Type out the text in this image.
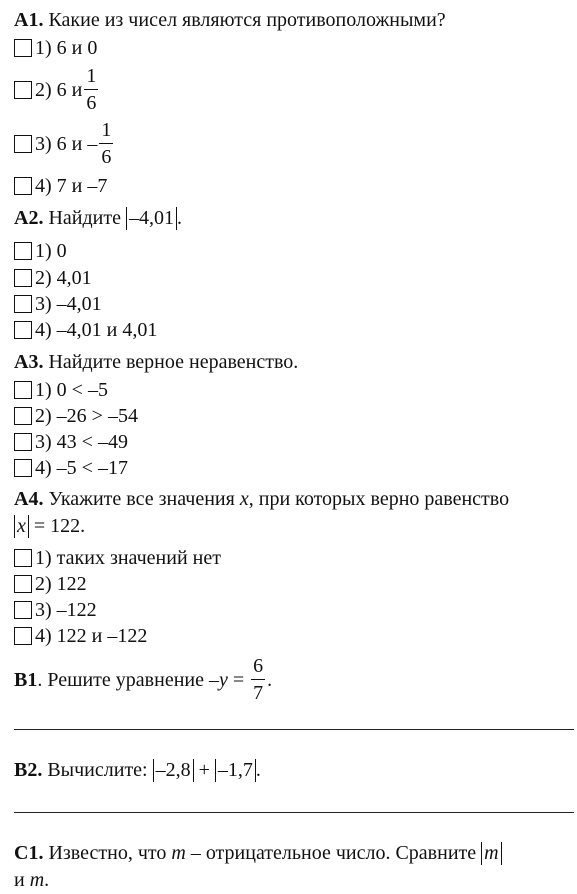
А1. Какие из чисел являются противоположными?
1) 6 и 0
2) 6 и $\frac{1}{6}$
3) 6 и – $\frac{1}{6}$
4) 7 и –7
А2. Найдите –4,01 .
1) 0
2) 4,01
3) –4,01
4) –4,01 и 4,01
А3. Найдите верное неравенство.
1) 0 < –5
2) –26 > –54
3) 43 < –49
4) –5 < –17
А4. Укажите все значения x, при которых верно равенство
x = 122.
1) таких значений нет
2) 122
3) –122
4) 122 и –122
В1 . Решите уравнение – $y = \frac{6}{7}$ .
В2. Вычислите: –2,8 + –1,7 .
С1. Известно, что m – отрицательное число. Сравните m
и m.
